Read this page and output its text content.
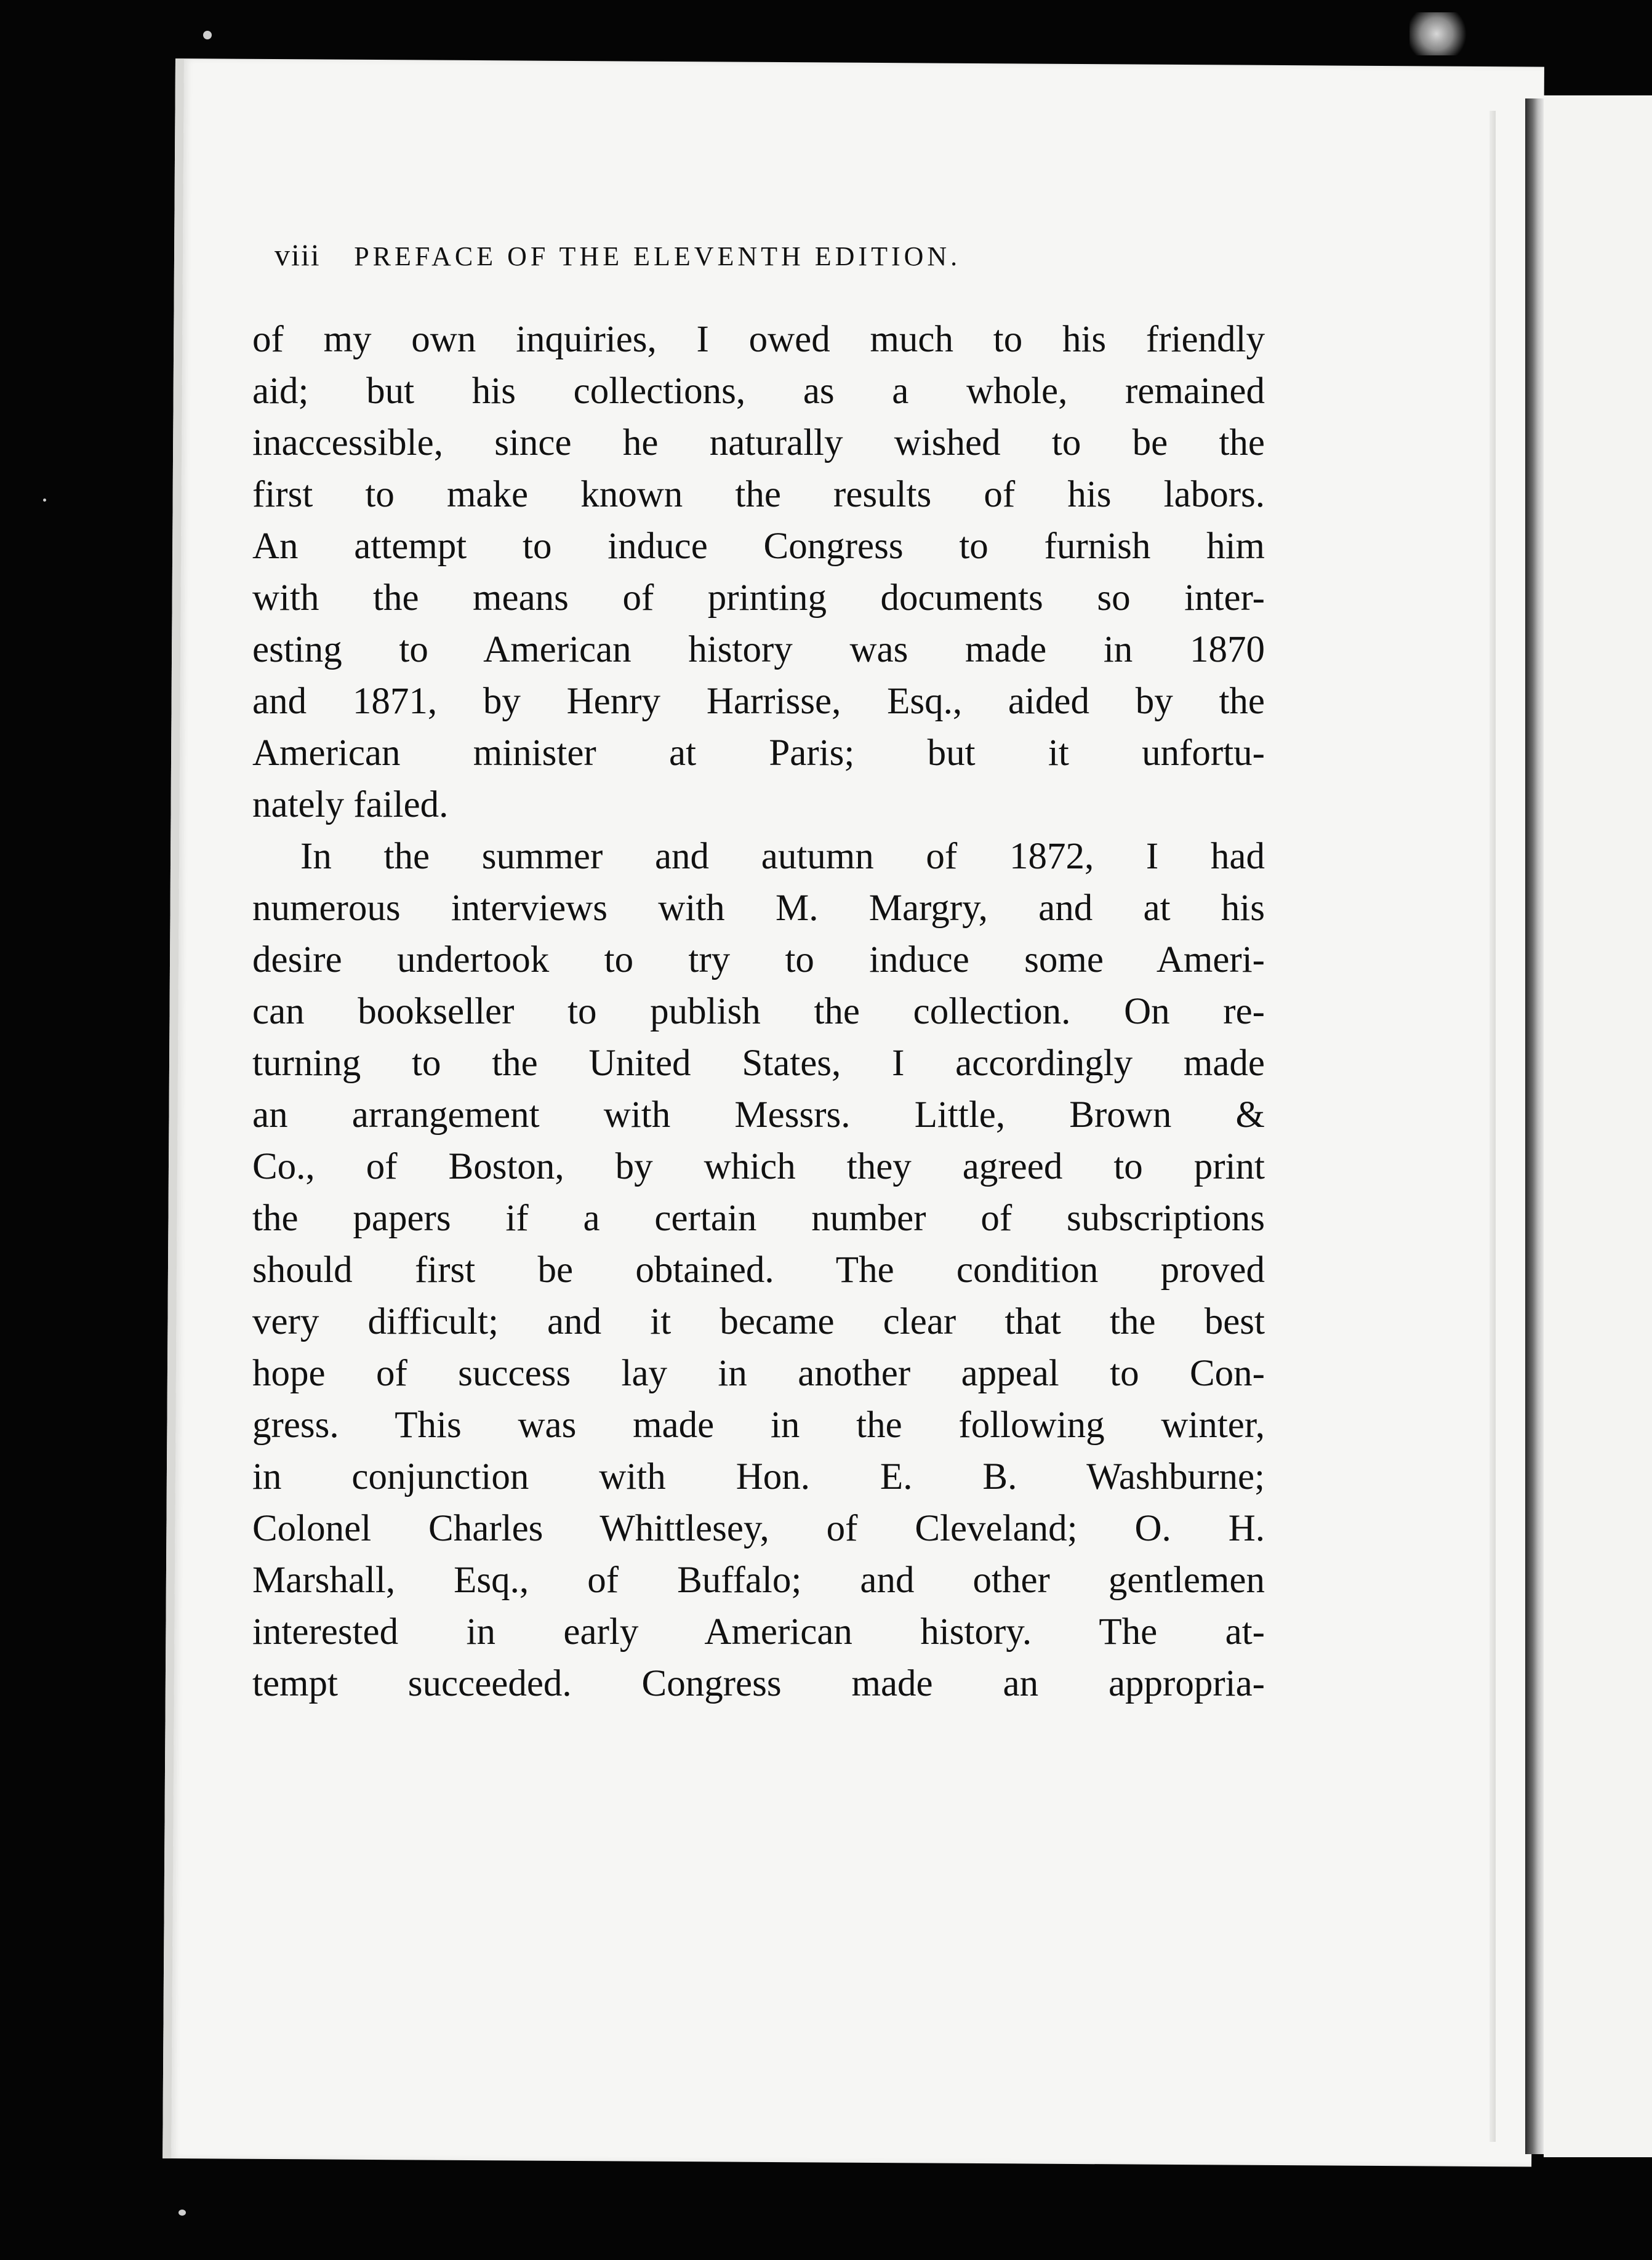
viii PREFACE OF THE ELEVENTH EDITION.
of my own inquiries, I owed much to his friendly
aid; but his collections, as a whole, remained
inaccessible, since he naturally wished to be the
first to make known the results of his labors.
An attempt to induce Congress to furnish him
with the means of printing documents so inter-
esting to American history was made in 1870
and 1871, by Henry Harrisse, Esq., aided by the
American minister at Paris; but it unfortu-
nately failed.
In the summer and autumn of 1872, I had
numerous interviews with M. Margry, and at his
desire undertook to try to induce some Ameri-
can bookseller to publish the collection. On re-
turning to the United States, I accordingly made
an arrangement with Messrs. Little, Brown &
Co., of Boston, by which they agreed to print
the papers if a certain number of subscriptions
should first be obtained. The condition proved
very difficult; and it became clear that the best
hope of success lay in another appeal to Con-
gress. This was made in the following winter,
in conjunction with Hon. E. B. Washburne;
Colonel Charles Whittlesey, of Cleveland; O. H.
Marshall, Esq., of Buffalo; and other gentlemen
interested in early American history. The at-
tempt succeeded. Congress made an appropria-
